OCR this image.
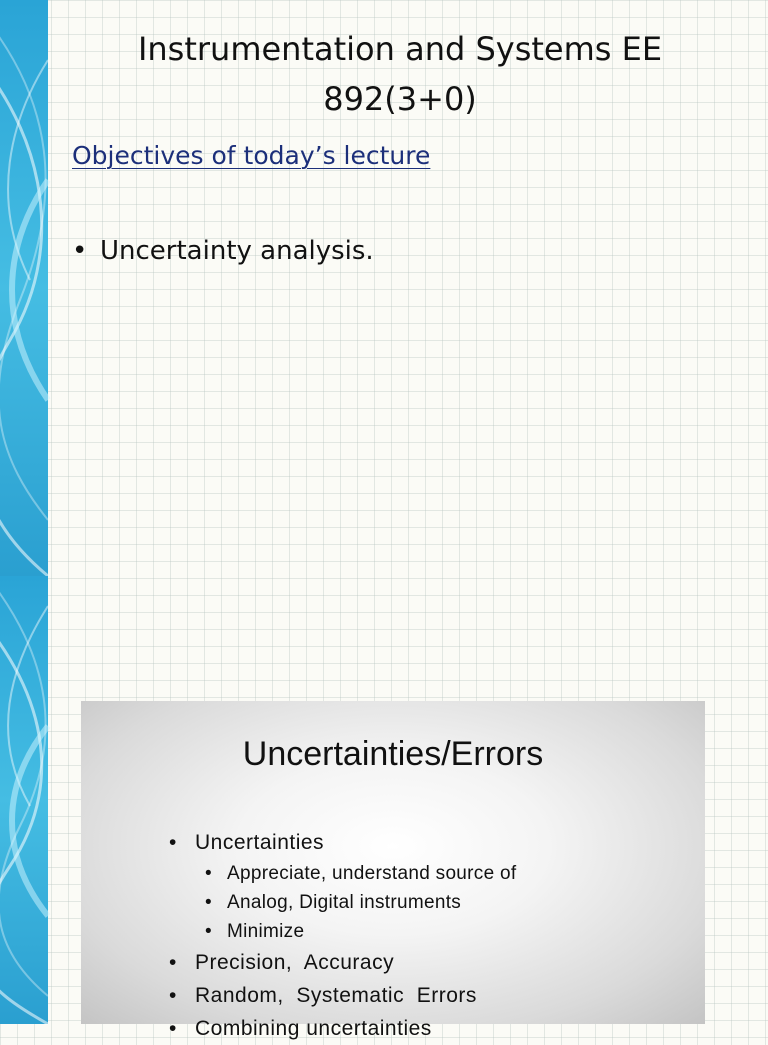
Instrumentation and Systems EE
892(3+0)
Objectives of today’s lecture
• Uncertainty analysis.
Uncertainties/Errors
• Uncertainties
• Appreciate, understand source of
• Analog, Digital instruments
• Minimize
• Precision,  Accuracy
• Random,  Systematic  Errors
• Combining uncertainties
